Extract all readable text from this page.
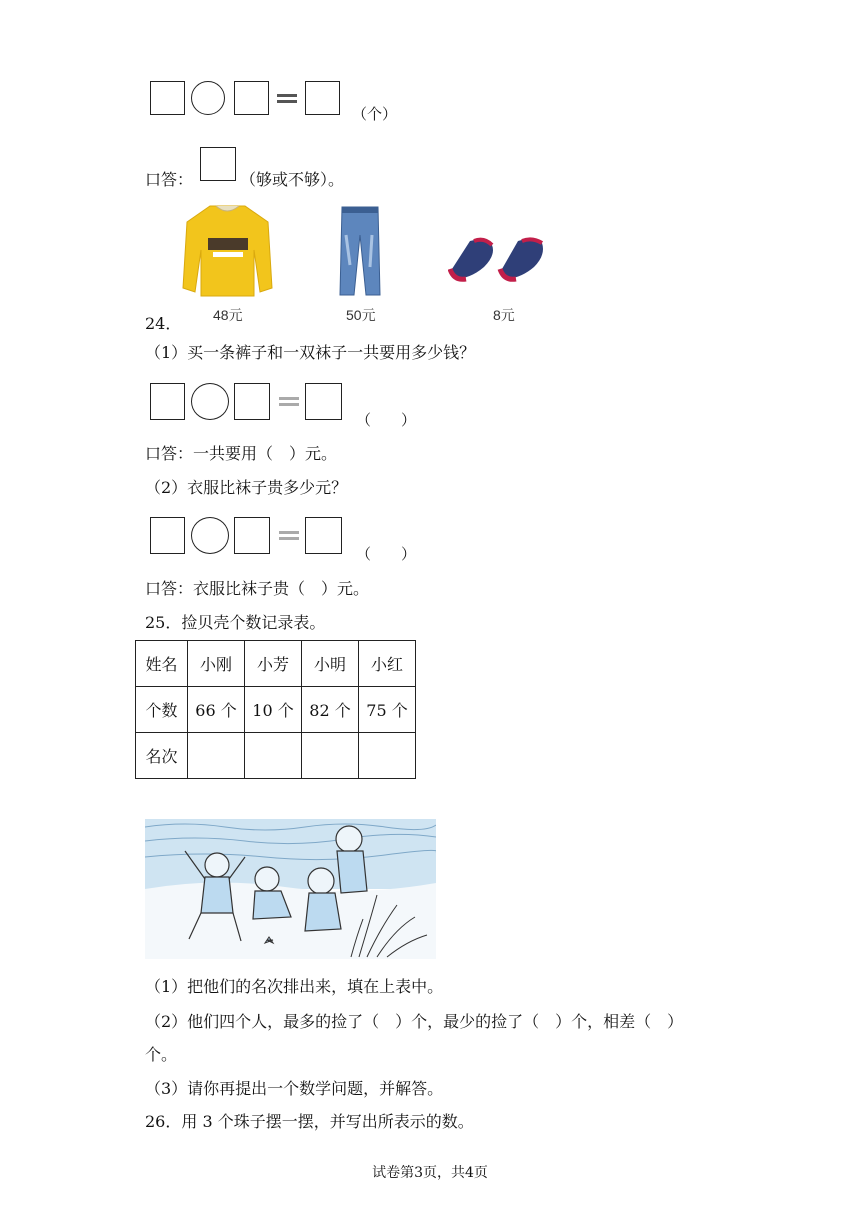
（个）
口答：	（够或不够）。
48元	50元	8元
24．
（1）买一条裤子和一双袜子一共要用多少钱？
（　　）
口答：一共要用（　）元。
（2）衣服比袜子贵多少元？
（　　）
口答：衣服比袜子贵（　）元。
25．捡贝壳个数记录表。
姓名	小刚	小芳	小明	小红
个数	66 个	10 个	82 个	75 个
名次				
（1）把他们的名次排出来，填在上表中。
（2）他们四个人，最多的捡了（　）个，最少的捡了（　）个，相差（　）
个。
（3）请你再提出一个数学问题，并解答。
26．用 3 个珠子摆一摆，并写出所表示的数。
试卷第3页，共4页
